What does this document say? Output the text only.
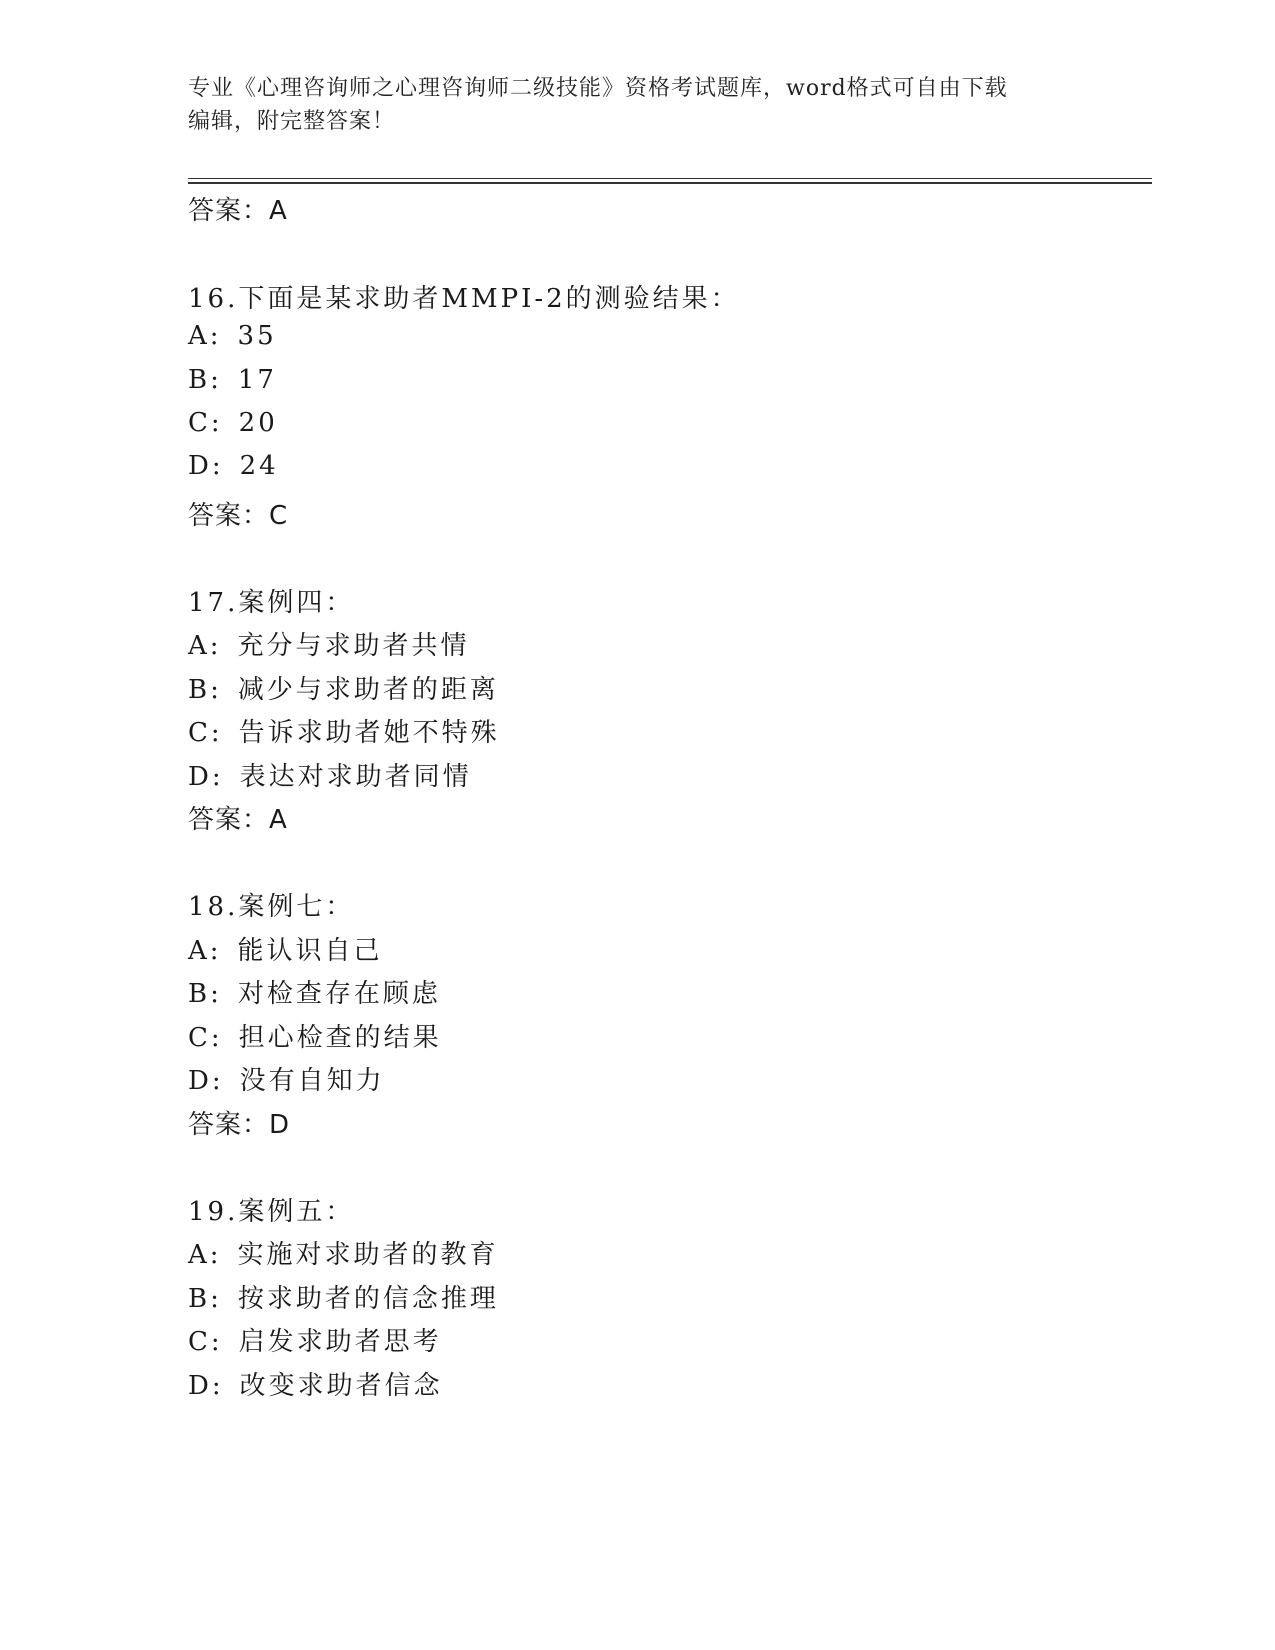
专业《心理咨询师之心理咨询师二级技能》资格考试题库，word格式可自由下载
编辑，附完整答案！
答案：A
16.下面是某求助者MMPI-2的测验结果：
A: 35
B: 17
C: 20
D: 24
答案：C
17.案例四：
A: 充分与求助者共情
B: 减少与求助者的距离
C: 告诉求助者她不特殊
D: 表达对求助者同情
答案：A
18.案例七：
A: 能认识自己
B: 对检查存在顾虑
C: 担心检查的结果
D: 没有自知力
答案：D
19.案例五：
A: 实施对求助者的教育
B: 按求助者的信念推理
C: 启发求助者思考
D: 改变求助者信念
